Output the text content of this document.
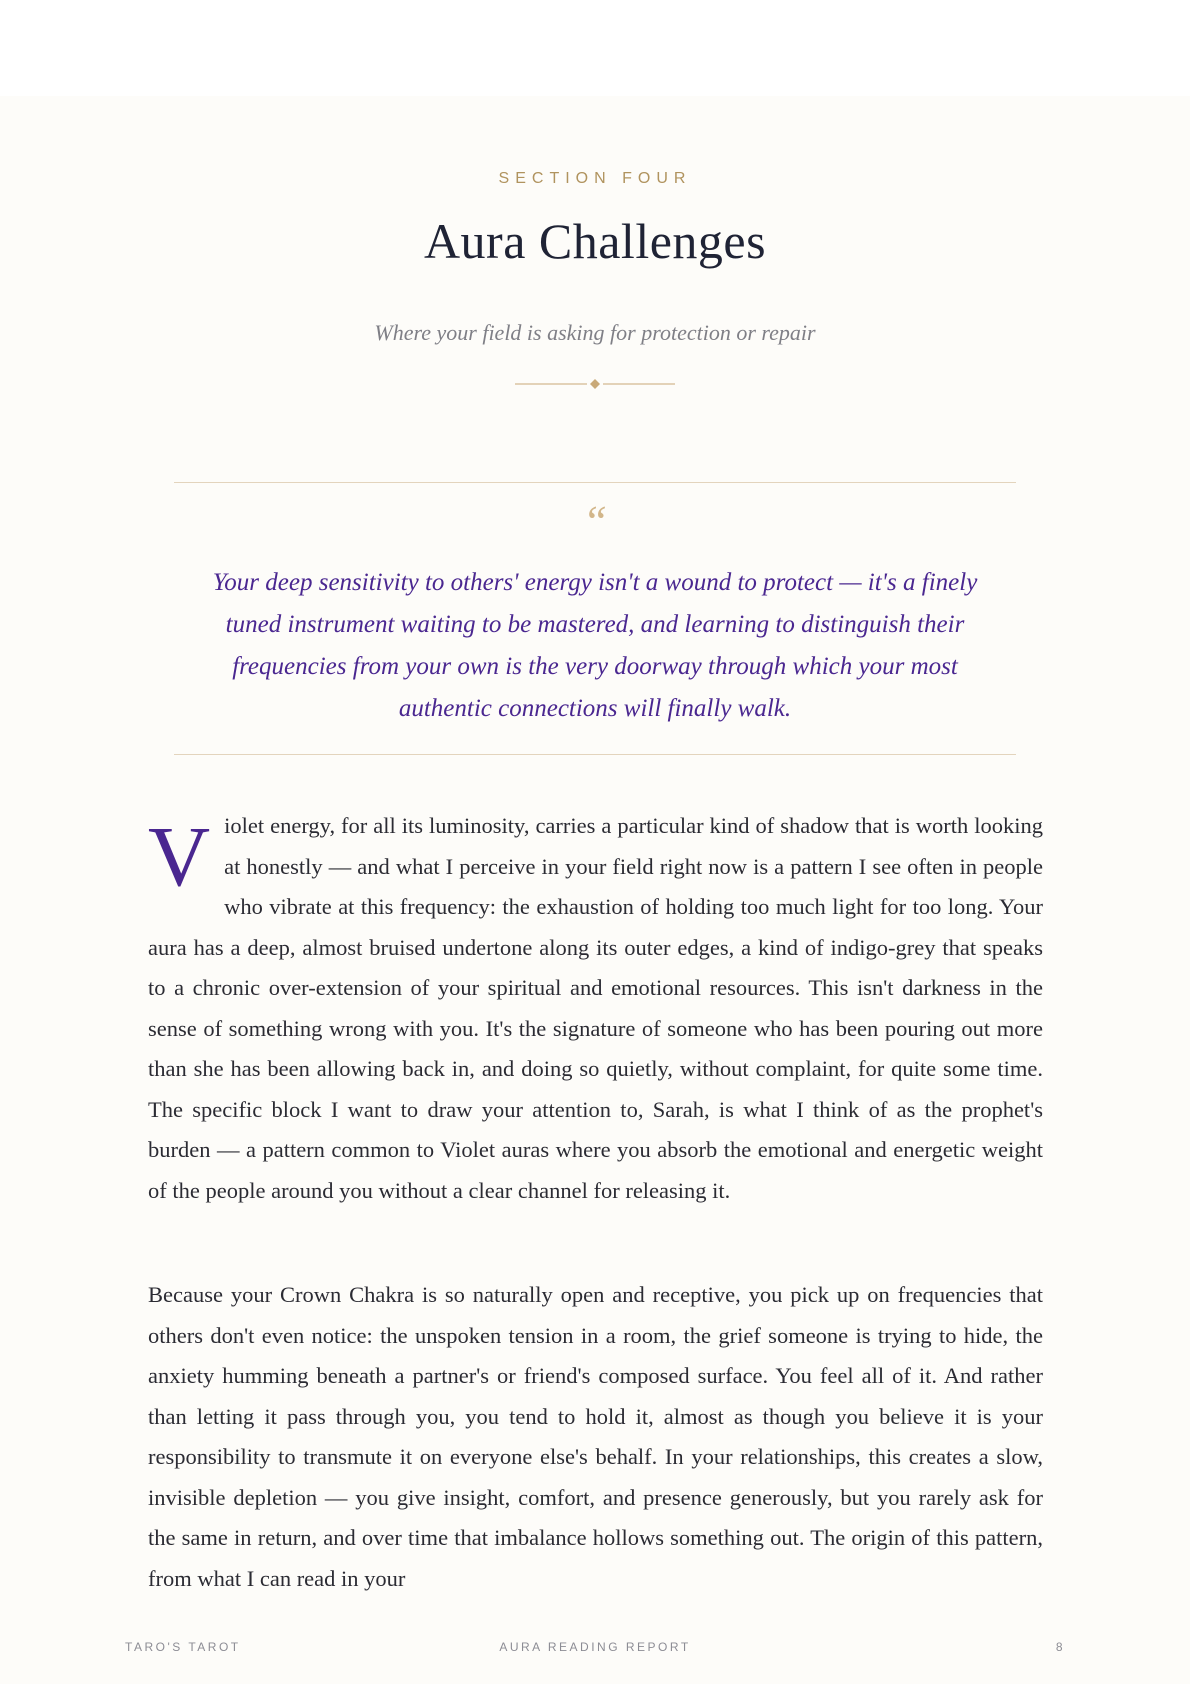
SECTION FOUR
Aura Challenges
Where your field is asking for protection or repair
“
Your deep sensitivity to others' energy isn't a wound to protect — it's a finely tuned instrument waiting to be mastered, and learning to distinguish their frequencies from your own is the very doorway through which your most authentic connections will finally walk.

Violet energy, for all its luminosity, carries a particular kind of shadow that is worth looking at honestly — and what I perceive in your field right now is a pattern I see often in people who vibrate at this frequency: the exhaustion of holding too much light for too long. Your aura has a deep, almost bruised undertone along its outer edges, a kind of indigo-grey that speaks to a chronic over-extension of your spiritual and emotional resources. This isn't darkness in the sense of something wrong with you. It's the signature of someone who has been pouring out more than she has been allowing back in, and doing so quietly, without complaint, for quite some time. The specific block I want to draw your attention to, Sarah, is what I think of as the prophet's burden — a pattern common to Violet auras where you absorb the emotional and energetic weight of the people around you without a clear channel for releasing it.

Because your Crown Chakra is so naturally open and receptive, you pick up on frequencies that others don't even notice: the unspoken tension in a room, the grief someone is trying to hide, the anxiety humming beneath a partner's or friend's composed surface. You feel all of it. And rather than letting it pass through you, you tend to hold it, almost as though you believe it is your responsibility to transmute it on everyone else's behalf. In your relationships, this creates a slow, invisible depletion — you give insight, comfort, and presence generously, but you rarely ask for the same in return, and over time that imbalance hollows something out. The origin of this pattern, from what I can read in your

TARO'S TAROT	AURA READING REPORT	8
